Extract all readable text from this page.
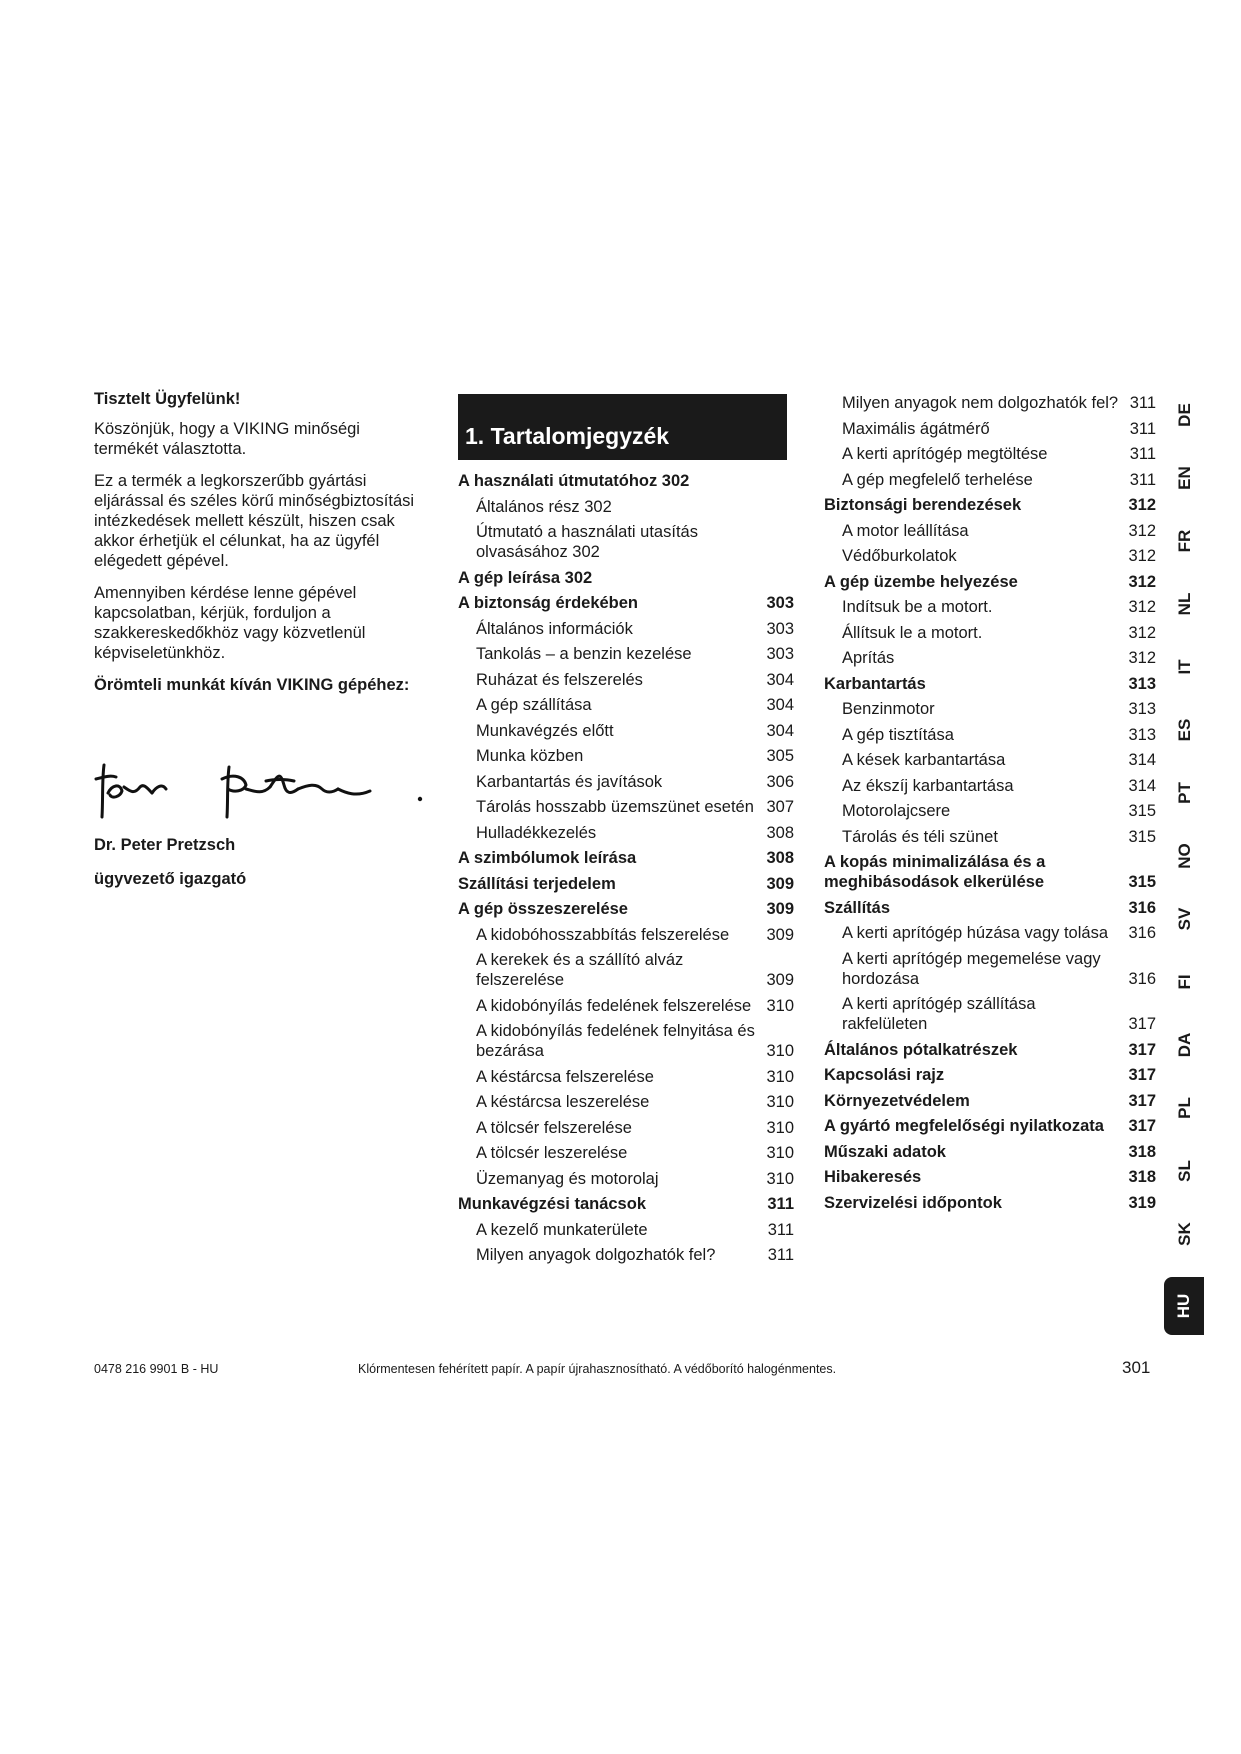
Tisztelt Ügyfelünk!

Köszönjük, hogy a VIKING minőségi termékét választotta.

Ez a termék a legkorszerűbb gyártási eljárással és széles körű minőségbiztosítási intézkedések mellett készült, hiszen csak akkor érhetjük el célunkat, ha az ügyfél elégedett gépével.

Amennyiben kérdése lenne gépével kapcsolatban, kérjük, forduljon a szakkereskedőkhöz vagy közvetlenül képviseletünkhöz.

Örömteli munkát kíván VIKING gépéhez:

Dr. Peter Pretzsch
ügyvezető igazgató
1. Tartalomjegyzék
A használati útmutatóhoz 302
Általános rész 302
Útmutató a használati utasítás olvasásához 302
A gép leírása 302
A biztonság érdekében	303
Általános információk	303
Tankolás – a benzin kezelése	303
Ruházat és felszerelés	304
A gép szállítása	304
Munkavégzés előtt	304
Munka közben	305
Karbantartás és javítások	306
Tárolás hosszabb üzemszünet esetén 307
Hulladékkezelés	308
A szimbólumok leírása	308
Szállítási terjedelem	309
A gép összeszerelése	309
A kidobóhosszabbítás felszerelése	309
A kerekek és a szállító alváz felszerelése	309
A kidobónyílás fedelének felszerelése 310
A kidobónyílás fedelének felnyitása és bezárása	310
A késtárcsa felszerelése	310
A késtárcsa leszerelése	310
A tölcsér felszerelése	310
A tölcsér leszerelése	310
Üzemanyag és motorolaj	310
Munkavégzési tanácsok	311
A kezelő munkaterülete	311
Milyen anyagok dolgozhatók fel?	311
Milyen anyagok nem dolgozhatók fel? 311
Maximális ágátmérő	311
A kerti aprítógép megtöltése	311
A gép megfelelő terhelése	311
Biztonsági berendezések	312
A motor leállítása	312
Védőburkolatok	312
A gép üzembe helyezése	312
Indítsuk be a motort.	312
Állítsuk le a motort.	312
Aprítás	312
Karbantartás	313
Benzinmotor	313
A gép tisztítása	313
A kések karbantartása	314
Az ékszíj karbantartása	314
Motorolajcsere	315
Tárolás és téli szünet	315
A kopás minimalizálása és a meghibásodások elkerülése	315
Szállítás	316
A kerti aprítógép húzása vagy tolása	316
A kerti aprítógép megemelése vagy hordozása	316
A kerti aprítógép szállítása rakfelületen	317
Általános pótalkatrészek	317
Kapcsolási rajz	317
Környezetvédelem	317
A gyártó megfelelőségi nyilatkozata	317
Műszaki adatok	318
Hibakeresés	318
Szervizelési időpontok	319
DE
EN
FR
NL
IT
ES
PT
NO
SV
FI
DA
PL
SL
SK
HU
0478 216 9901 B - HU	Klórmentesen fehérített papír. A papír újrahasznosítható. A védőborító halogénmentes.	301
